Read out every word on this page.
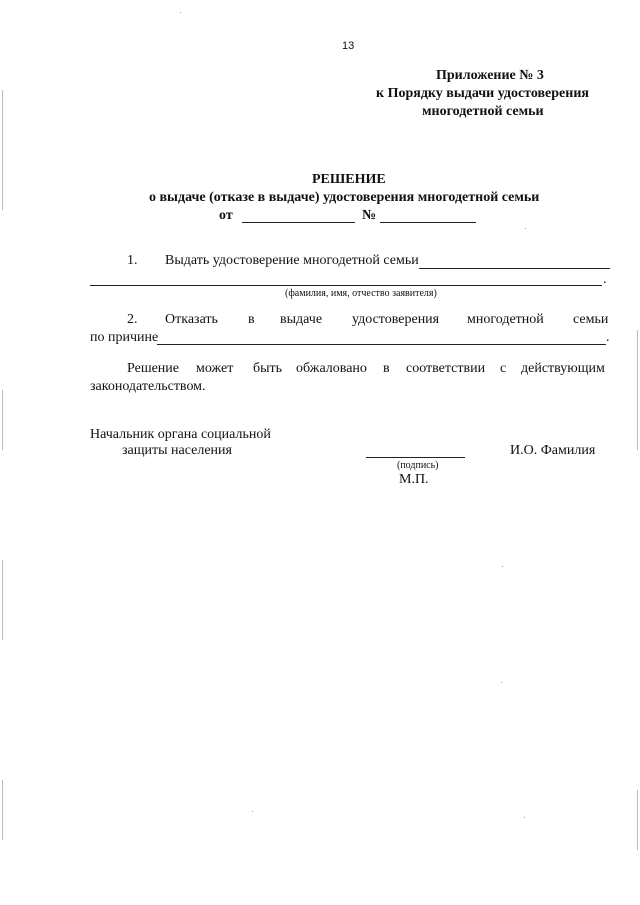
13
Приложение № 3
к Порядку выдачи удостоверения
многодетной семьи
РЕШЕНИЕ
о выдаче (отказе в выдаче) удостоверения многодетной семьи
от	№
1. Выдать удостоверение многодетной семьи
.
(фамилия, имя, отчество заявителя)
2. Отказать в выдаче удостоверения многодетной семьи
по причине	.
Решение может быть обжаловано в соответствии с действующим
законодательством.
Начальник органа социальной
защиты населения
(подпись)
М.П.
И.О. Фамилия
